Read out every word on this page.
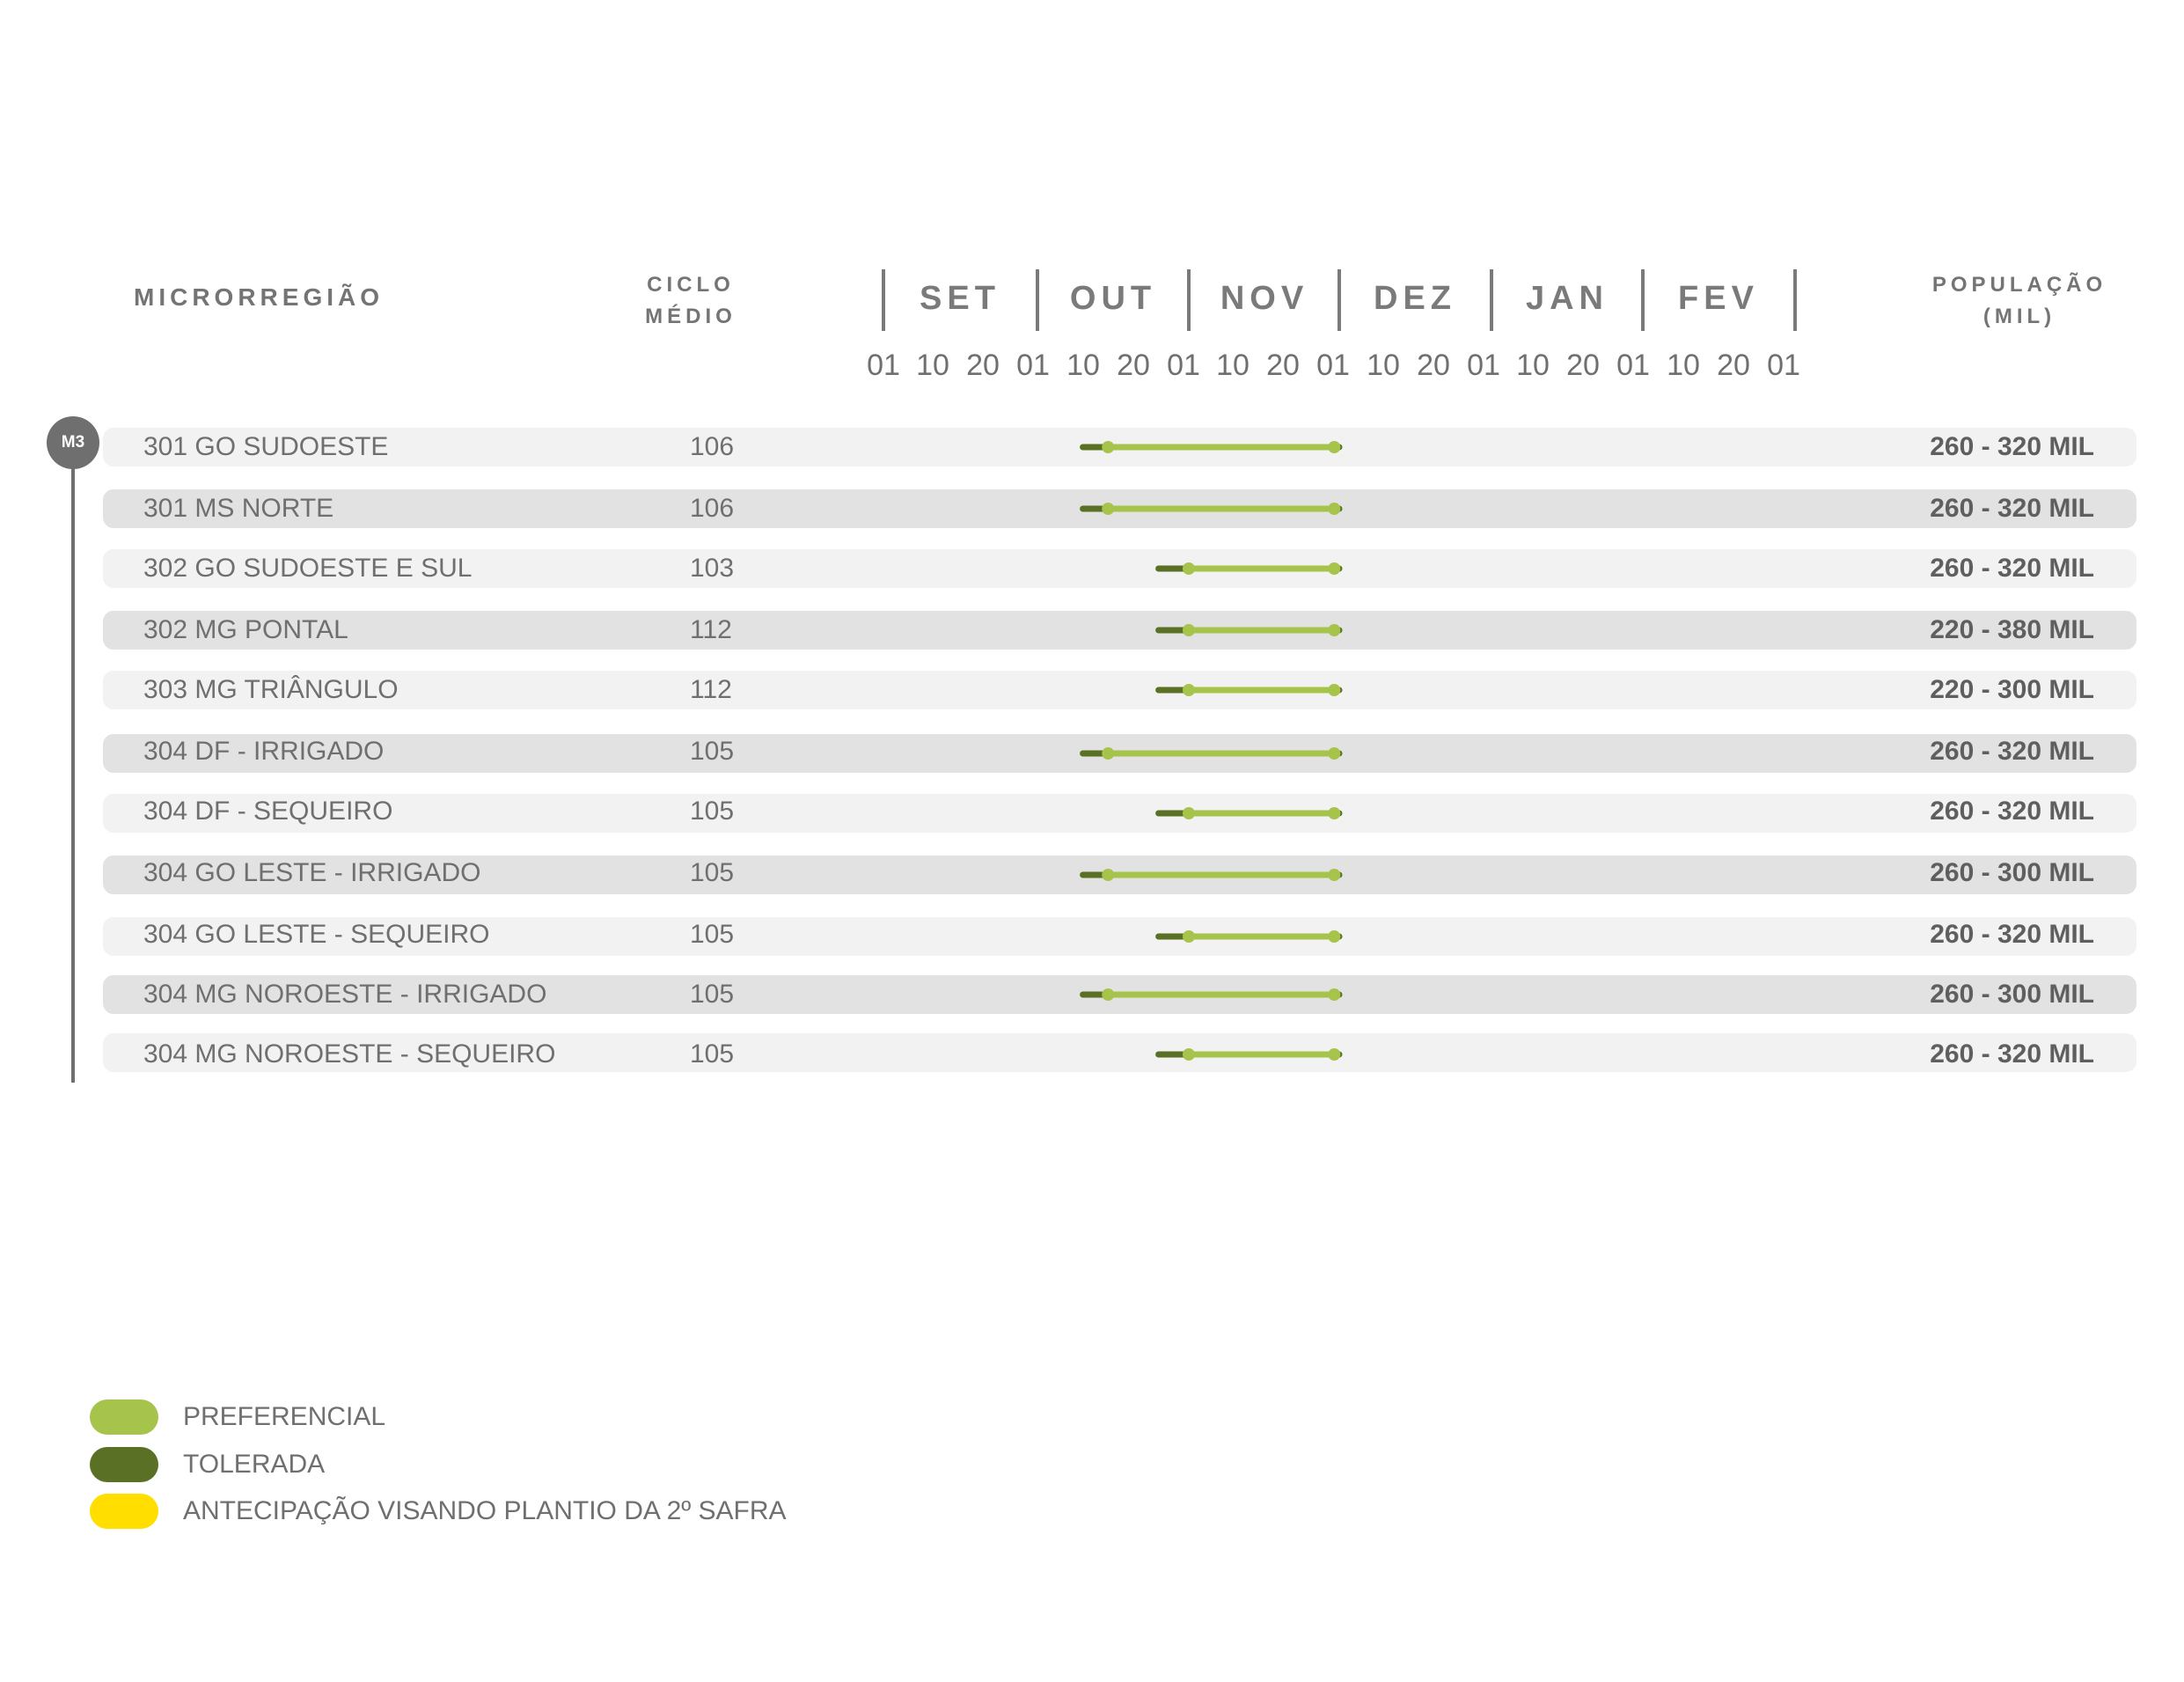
MICRORREGIÃO	CICLO
MÉDIO
POPULAÇÃO
(MIL)
SET	OUT	NOV	DEZ	JAN	FEV
01 10 20 01 10 20 01 10 20 01 10 20 01 10 20 01 10 20 01
M3	301 GO SUDOESTE	106	260 - 320 MIL
301 MS NORTE	106	260 - 320 MIL
302 GO SUDOESTE E SUL	103	260 - 320 MIL
302 MG PONTAL	112	220 - 380 MIL
303 MG TRIÂNGULO	112	220 - 300 MIL
304 DF - IRRIGADO	105	260 - 320 MIL
304 DF - SEQUEIRO	105	260 - 320 MIL
304 GO LESTE - IRRIGADO	105	260 - 300 MIL
304 GO LESTE - SEQUEIRO	105	260 - 320 MIL
304 MG NOROESTE - IRRIGADO	105	260 - 300 MIL
304 MG NOROESTE - SEQUEIRO	105	260 - 320 MIL
PREFERENCIAL
TOLERADA
ANTECIPAÇÃO VISANDO PLANTIO DA 2º SAFRA
